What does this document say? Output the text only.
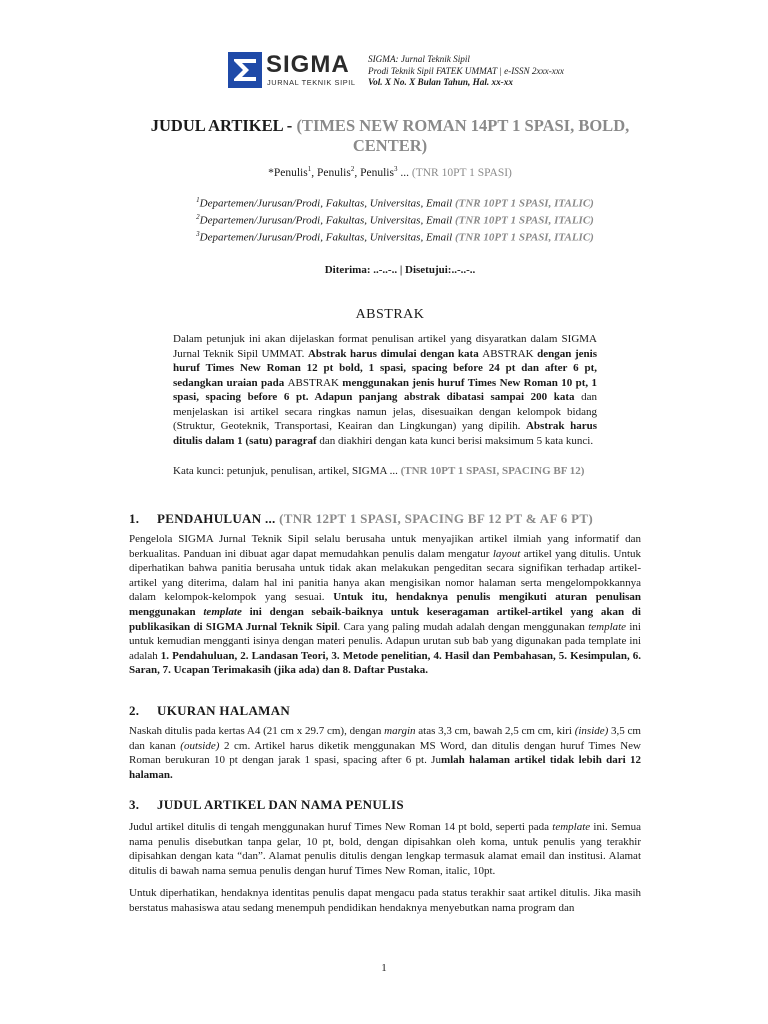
SIGMA
JURNAL TEKNIK SIPIL
SIGMA: Jurnal Teknik Sipil
Prodi Teknik Sipil FATEK UMMAT | e-ISSN 2xxx-xxx
Vol. X No. X Bulan Tahun, Hal. xx-xx
JUDUL ARTIKEL - (TIMES NEW ROMAN 14PT 1 SPASI, BOLD, CENTER)
*Penulis$^1$, Penulis$^2$, Penulis$^3$ ... (TNR 10PT 1 SPASI)
$^1$Departemen/Jurusan/Prodi, Fakultas, Universitas, Email (TNR 10PT 1 SPASI, ITALIC)
$^2$Departemen/Jurusan/Prodi, Fakultas, Universitas, Email (TNR 10PT 1 SPASI, ITALIC)
$^3$Departemen/Jurusan/Prodi, Fakultas, Universitas, Email (TNR 10PT 1 SPASI, ITALIC)
Diterima: ..-..-.. | Disetujui:..-..-..
ABSTRAK
Dalam petunjuk ini akan dijelaskan format penulisan artikel yang disyaratkan dalam SIGMA Jurnal Teknik Sipil UMMAT. Abstrak harus dimulai dengan kata ABSTRAK dengan jenis huruf Times New Roman 12 pt bold, 1 spasi, spacing before 24 pt dan after 6 pt, sedangkan uraian pada ABSTRAK menggunakan jenis huruf Times New Roman 10 pt, 1 spasi, spacing before 6 pt. Adapun panjang abstrak dibatasi sampai 200 kata dan menjelaskan isi artikel secara ringkas namun jelas, disesuaikan dengan kelompok bidang (Struktur, Geoteknik, Transportasi, Keairan dan Lingkungan) yang dipilih. Abstrak harus ditulis dalam 1 (satu) paragraf dan diakhiri dengan kata kunci berisi maksimum 5 kata kunci.
Kata kunci: petunjuk, penulisan, artikel, SIGMA ... (TNR 10PT 1 SPASI, SPACING BF 12)
1. PENDAHULUAN ... (TNR 12PT 1 SPASI, SPACING BF 12 PT & AF 6 PT)
Pengelola SIGMA Jurnal Teknik Sipil selalu berusaha untuk menyajikan artikel ilmiah yang informatif dan berkualitas. Panduan ini dibuat agar dapat memudahkan penulis dalam mengatur layout artikel yang ditulis. Untuk diperhatikan bahwa panitia berusaha untuk tidak akan melakukan pengeditan secara signifikan terhadap artikel-artikel yang diterima, dalam hal ini panitia hanya akan mengisikan nomor halaman serta mengelompokkannya dalam kelompok-kelompok yang sesuai. Untuk itu, hendaknya penulis mengikuti aturan penulisan menggunakan template ini dengan sebaik-baiknya untuk keseragaman artikel-artikel yang akan di publikasikan di SIGMA Jurnal Teknik Sipil. Cara yang paling mudah adalah dengan menggunakan template ini untuk kemudian mengganti isinya dengan materi penulis. Adapun urutan sub bab yang digunakan pada template ini adalah 1. Pendahuluan, 2. Landasan Teori, 3. Metode penelitian, 4. Hasil dan Pembahasan, 5. Kesimpulan, 6. Saran, 7. Ucapan Terimakasih (jika ada) dan 8. Daftar Pustaka.
2. UKURAN HALAMAN
Naskah ditulis pada kertas A4 (21 cm x 29.7 cm), dengan margin atas 3,3 cm, bawah 2,5 cm cm, kiri (inside) 3,5 cm dan kanan (outside) 2 cm. Artikel harus diketik menggunakan MS Word, dan ditulis dengan huruf Times New Roman berukuran 10 pt dengan jarak 1 spasi, spacing after 6 pt. Jumlah halaman artikel tidak lebih dari 12 halaman.
3. JUDUL ARTIKEL DAN NAMA PENULIS
Judul artikel ditulis di tengah menggunakan huruf Times New Roman 14 pt bold, seperti pada template ini. Semua nama penulis disebutkan tanpa gelar, 10 pt, bold, dengan dipisahkan oleh koma, untuk penulis yang terakhir dipisahkan dengan kata “dan”. Alamat penulis ditulis dengan lengkap termasuk alamat email dan institusi. Alamat ditulis di bawah nama semua penulis dengan huruf Times New Roman, italic, 10pt.
Untuk diperhatikan, hendaknya identitas penulis dapat mengacu pada status terakhir saat artikel ditulis. Jika masih berstatus mahasiswa atau sedang menempuh pendidikan hendaknya menyebutkan nama program dan
1
